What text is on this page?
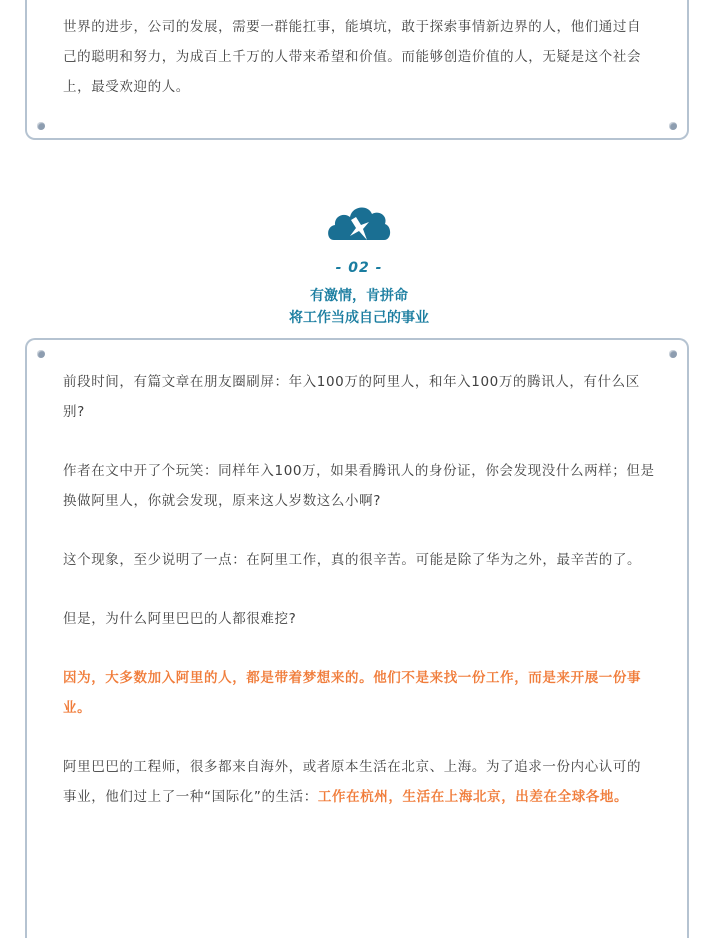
世界的进步，公司的发展，需要一群能扛事，能填坑，敢于探索事情新边界的人，他们通过自己的聪明和努力，为成百上千万的人带来希望和价值。而能够创造价值的人，无疑是这个社会上，最受欢迎的人。

- 02 -
有激情，肯拼命
将工作当成自己的事业

前段时间，有篇文章在朋友圈刷屏：年入100万的阿里人，和年入100万的腾讯人，有什么区别?

作者在文中开了个玩笑：同样年入100万，如果看腾讯人的身份证，你会发现没什么两样；但是换做阿里人，你就会发现，原来这人岁数这么小啊?

这个现象，至少说明了一点：在阿里工作，真的很辛苦。可能是除了华为之外，最辛苦的了。

但是，为什么阿里巴巴的人都很难挖?

因为，大多数加入阿里的人，都是带着梦想来的。他们不是来找一份工作，而是来开展一份事业。

阿里巴巴的工程师，很多都来自海外，或者原本生活在北京、上海。为了追求一份内心认可的事业，他们过上了一种“国际化”的生活：工作在杭州，生活在上海北京，出差在全球各地。
